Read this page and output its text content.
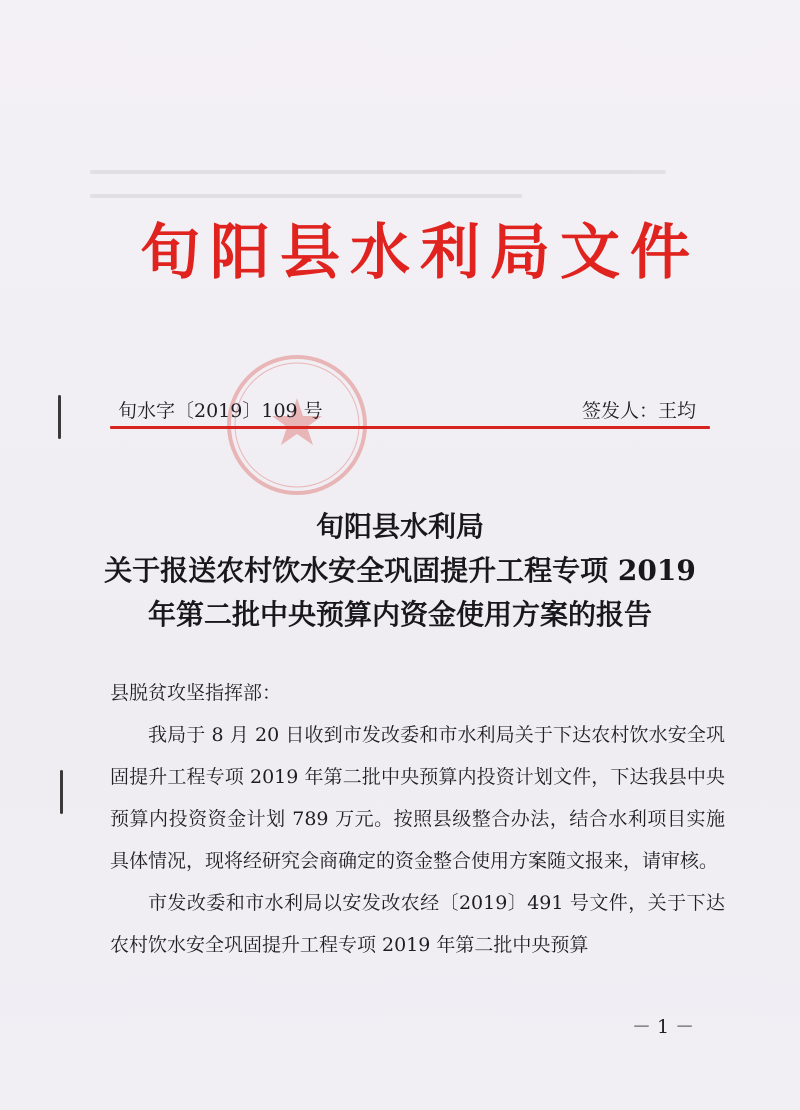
旬阳县水利局文件
旬水字〔2019〕109 号	签发人：王均
旬阳县水利局
关于报送农村饮水安全巩固提升工程专项 2019
年第二批中央预算内资金使用方案的报告

县脱贫攻坚指挥部：

我局于 8 月 20 日收到市发改委和市水利局关于下达农村饮水安全巩固提升工程专项 2019 年第二批中央预算内投资计划文件，下达我县中央预算内投资资金计划 789 万元。按照县级整合办法，结合水利项目实施具体情况，现将经研究会商确定的资金整合使用方案随文报来，请审核。

市发改委和市水利局以安发改农经〔2019〕491 号文件，关于下达农村饮水安全巩固提升工程专项 2019 年第二批中央预算

－ 1 －
